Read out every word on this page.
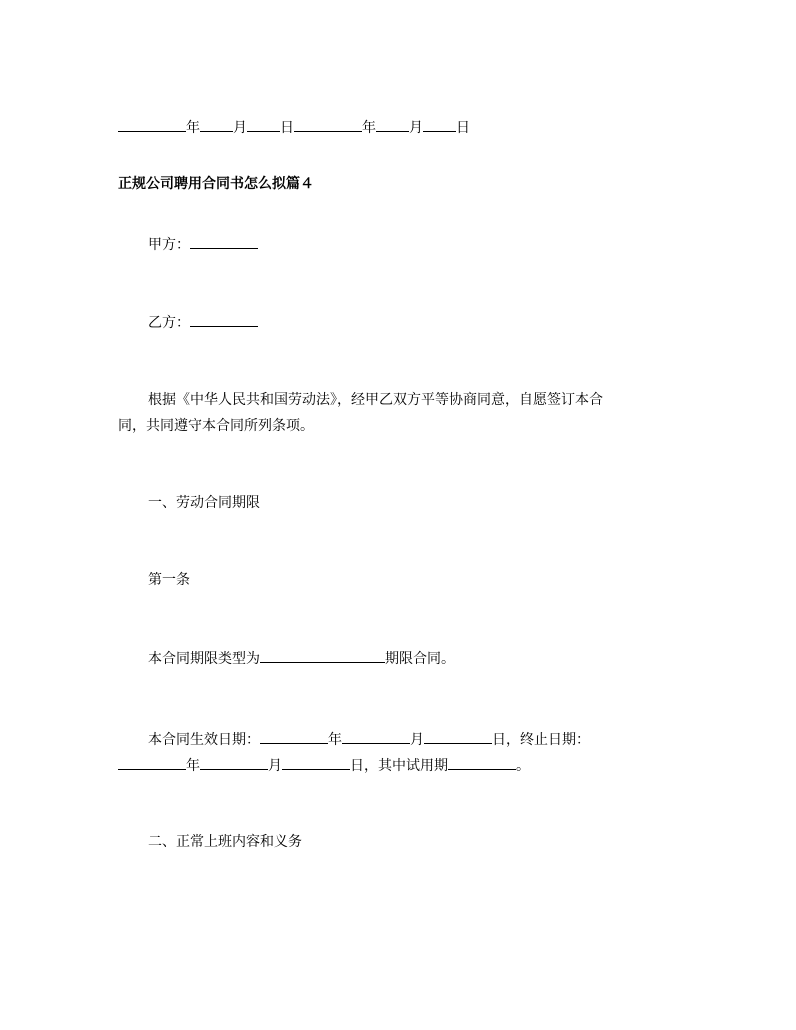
年 月 日	年 月 日
正规公司聘用合同书怎么拟篇４
甲方：
乙方：
根据《中华人民共和国劳动法》，经甲乙双方平等协商同意，自愿签订本合
同，共同遵守本合同所列条项。
一、劳动合同期限
第一条
本合同期限类型为	期限合同。
本合同生效日期：	年	月	日，终止日期：
年	月	日，其中试用期	。
二、正常上班内容和义务
